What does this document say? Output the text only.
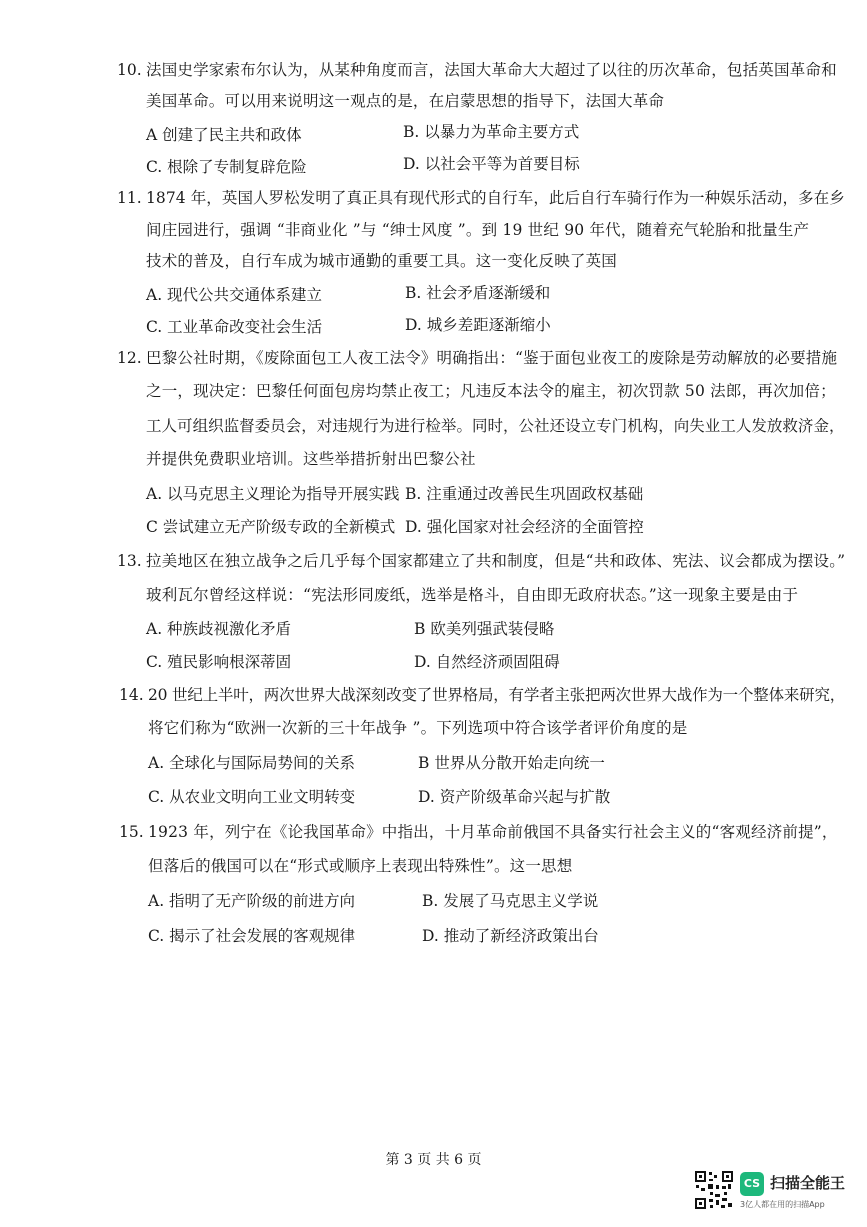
10. 法国史学家索布尔认为，从某种角度而言，法国大革命大大超过了以往的历次革命，包括英国革命和
美国革命。可以用来说明这一观点的是，在启蒙思想的指导下，法国大革命
A 创建了民主共和政体	B. 以暴力为革命主要方式
C. 根除了专制复辟危险	D. 以社会平等为首要目标
11. 1874 年，英国人罗松发明了真正具有现代形式的自行车，此后自行车骑行作为一种娱乐活动，多在乡
间庄园进行，强调 “非商业化 ”与 “绅士风度 ”。到 19 世纪 90 年代，随着充气轮胎和批量生产
技术的普及，自行车成为城市通勤的重要工具。这一变化反映了英国
A. 现代公共交通体系建立	B. 社会矛盾逐渐缓和
C. 工业革命改变社会生活	D. 城乡差距逐渐缩小
12. 巴黎公社时期，《废除面包工人夜工法令》明确指出：“鉴于面包业夜工的废除是劳动解放的必要措施
之一，现决定：巴黎任何面包房均禁止夜工；凡违反本法令的雇主，初次罚款 50 法郎，再次加倍；
工人可组织监督委员会，对违规行为进行检举。同时，公社还设立专门机构，向失业工人发放救济金，
并提供免费职业培训。这些举措折射出巴黎公社
A. 以马克思主义理论为指导开展实践 B. 注重通过改善民生巩固政权基础
C 尝试建立无产阶级专政的全新模式 D. 强化国家对社会经济的全面管控
13. 拉美地区在独立战争之后几乎每个国家都建立了共和制度，但是“共和政体、宪法、议会都成为摆设。”
玻利瓦尔曾经这样说：“宪法形同废纸，选举是格斗，自由即无政府状态。”这一现象主要是由于
A. 种族歧视激化矛盾	B 欧美列强武装侵略
C. 殖民影响根深蒂固	D. 自然经济顽固阻碍
14. 20 世纪上半叶，两次世界大战深刻改变了世界格局，有学者主张把两次世界大战作为一个整体来研究，
将它们称为“欧洲一次新的三十年战争 ”。下列选项中符合该学者评价角度的是
A. 全球化与国际局势间的关系	B 世界从分散开始走向统一
C. 从农业文明向工业文明转变	D. 资产阶级革命兴起与扩散
15. 1923 年，列宁在《论我国革命》中指出，十月革命前俄国不具备实行社会主义的“客观经济前提”，
但落后的俄国可以在“形式或顺序上表现出特殊性”。这一思想
A. 指明了无产阶级的前进方向	B. 发展了马克思主义学说
C. 揭示了社会发展的客观规律	D. 推动了新经济政策出台
第 3 页 共 6 页
CS 扫描全能王
3亿人都在用的扫描App
